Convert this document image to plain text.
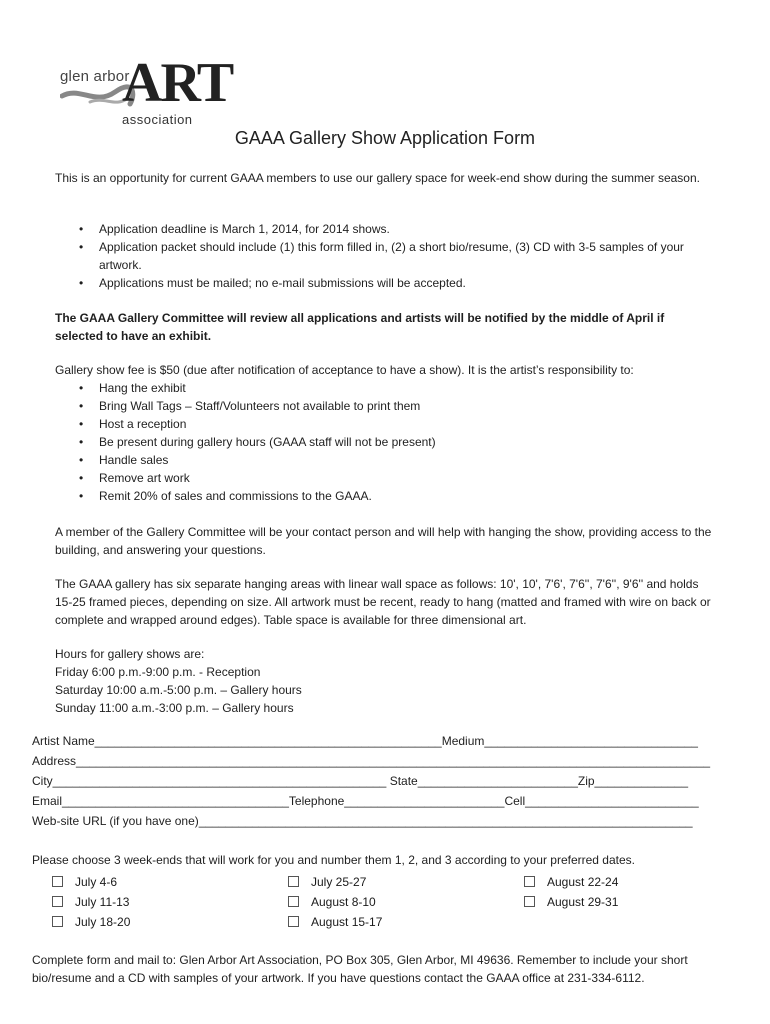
glen arbor
ART
association
GAAA Gallery Show Application Form
This is an opportunity for current GAAA members to use our gallery space for week-end show during the summer season.
• Application deadline is March 1, 2014, for 2014 shows.
• Application packet should include (1) this form filled in, (2) a short bio/resume, (3) CD with 3-5 samples of your artwork.
• Applications must be mailed; no e-mail submissions will be accepted.
The GAAA Gallery Committee will review all applications and artists will be notified by the middle of April if selected to have an exhibit.
Gallery show fee is $50 (due after notification of acceptance to have a show). It is the artist’s responsibility to:
• Hang the exhibit
• Bring Wall Tags – Staff/Volunteers not available to print them
• Host a reception
• Be present during gallery hours (GAAA staff will not be present)
• Handle sales
• Remove art work
• Remit 20% of sales and commissions to the GAAA.
A member of the Gallery Committee will be your contact person and will help with hanging the show, providing access to the building, and answering your questions.
The GAAA gallery has six separate hanging areas with linear wall space as follows: 10', 10', 7'6', 7'6'', 7'6'', 9'6'' and holds 15-25 framed pieces, depending on size. All artwork must be recent, ready to hang (matted and framed with wire on back or complete and wrapped around edges). Table space is available for three dimensional art.
Hours for gallery shows are:
Friday 6:00 p.m.-9:00 p.m. - Reception
Saturday 10:00 a.m.-5:00 p.m. – Gallery hours
Sunday 11:00 a.m.-3:00 p.m. – Gallery hours
Artist Name____________________________________________________Medium________________________________
Address_______________________________________________________________________________________________
City__________________________________________________ State________________________Zip______________
Email__________________________________Telephone________________________Cell__________________________
Web-site URL (if you have one)__________________________________________________________________________
Please choose 3 week-ends that will work for you and number them 1, 2, and 3 according to your preferred dates.
July 4-6	July 25-27	August 22-24
July 11-13	August 8-10	August 29-31
July 18-20	August 15-17
Complete form and mail to: Glen Arbor Art Association, PO Box 305, Glen Arbor, MI 49636. Remember to include your short bio/resume and a CD with samples of your artwork. If you have questions contact the GAAA office at 231-334-6112.
